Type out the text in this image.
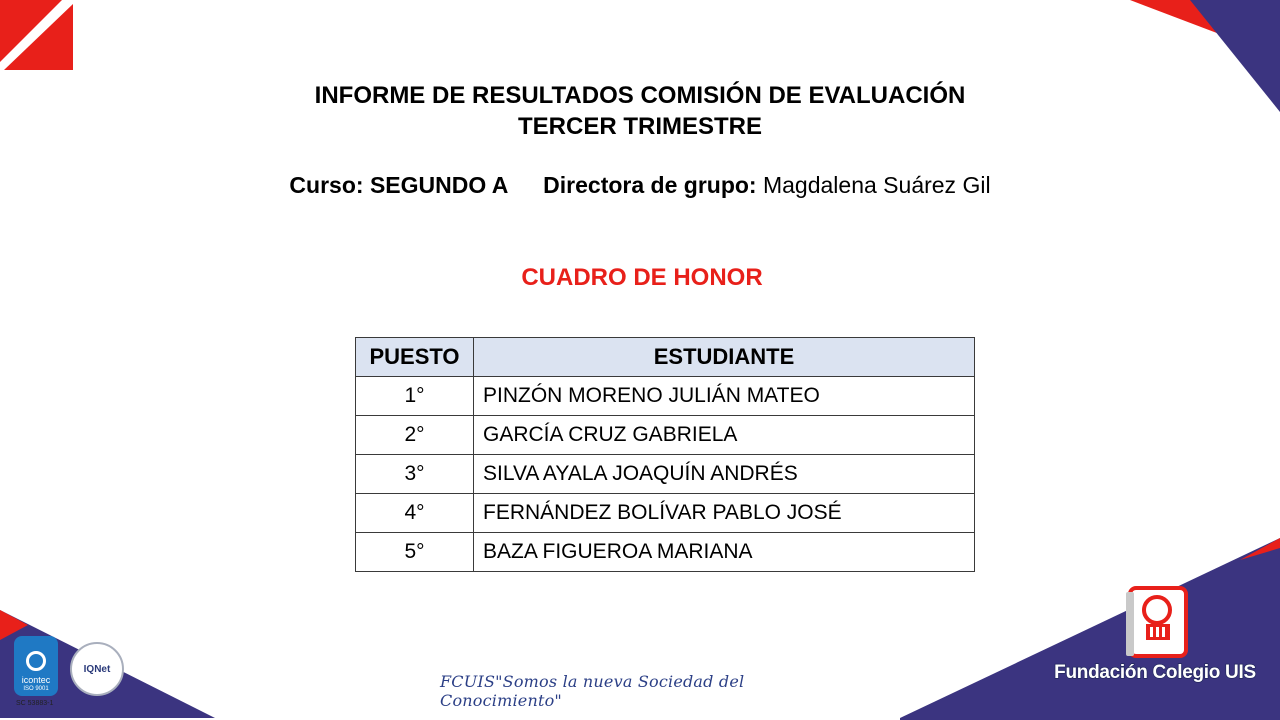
INFORME DE RESULTADOS COMISIÓN DE EVALUACIÓN
TERCER TRIMESTRE
Curso: SEGUNDO A Directora de grupo: Magdalena Suárez Gil
CUADRO DE HONOR
PUESTO	ESTUDIANTE
1°	PINZÓN MORENO JULIÁN MATEO
2°	GARCÍA CRUZ GABRIELA
3°	SILVA AYALA JOAQUÍN ANDRÉS
4°	FERNÁNDEZ BOLÍVAR PABLO JOSÉ
5°	BAZA FIGUEROA MARIANA
icontec
ISO 9001
SC 53883-1
IQNet
FCUIS"Somos la nueva Sociedad del Conocimiento"
Fundación Colegio UIS
